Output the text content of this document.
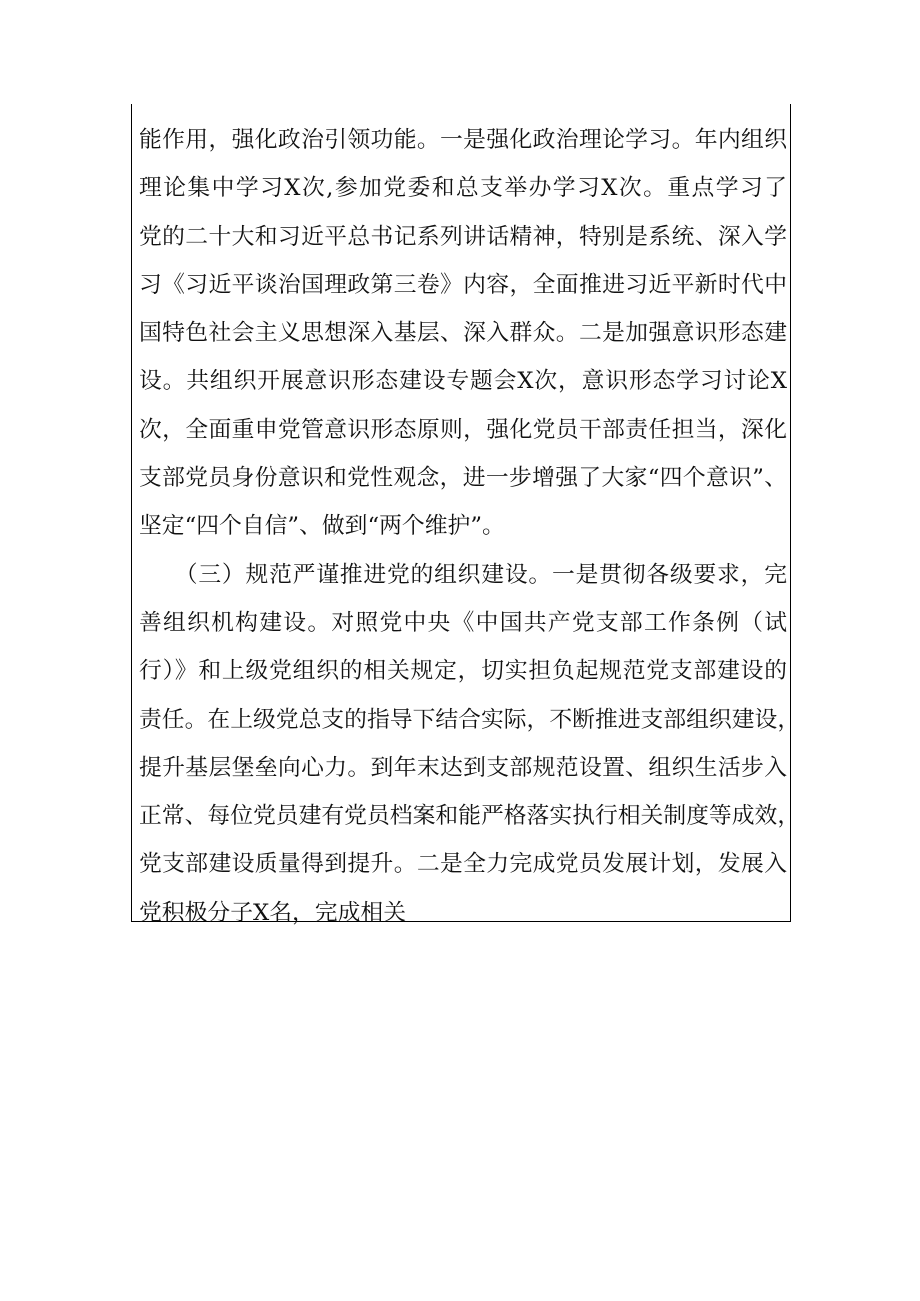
能作用，强化政治引领功能。一是强化政治理论学习。年内组织
理论集中学习X次,参加党委和总支举办学习X次。重点学习了
党的二十大和习近平总书记系列讲话精神，特别是系统、深入学
习《习近平谈治国理政第三卷》内容，全面推进习近平新时代中
国特色社会主义思想深入基层、深入群众。二是加强意识形态建
设。共组织开展意识形态建设专题会X次，意识形态学习讨论X
次，全面重申党管意识形态原则，强化党员干部责任担当，深化
支部党员身份意识和党性观念，进一步增强了大家“四个意识”、
坚定“四个自信”、做到“两个维护”。
　　（三）规范严谨推进党的组织建设。一是贯彻各级要求，完
善组织机构建设。对照党中央《中国共产党支部工作条例（试
行）》和上级党组织的相关规定，切实担负起规范党支部建设的
责任。在上级党总支的指导下结合实际，不断推进支部组织建设，
提升基层堡垒向心力。到年末达到支部规范设置、组织生活步入
正常、每位党员建有党员档案和能严格落实执行相关制度等成效，
党支部建设质量得到提升。二是全力完成党员发展计划，发展入
党积极分子X名，完成相关
